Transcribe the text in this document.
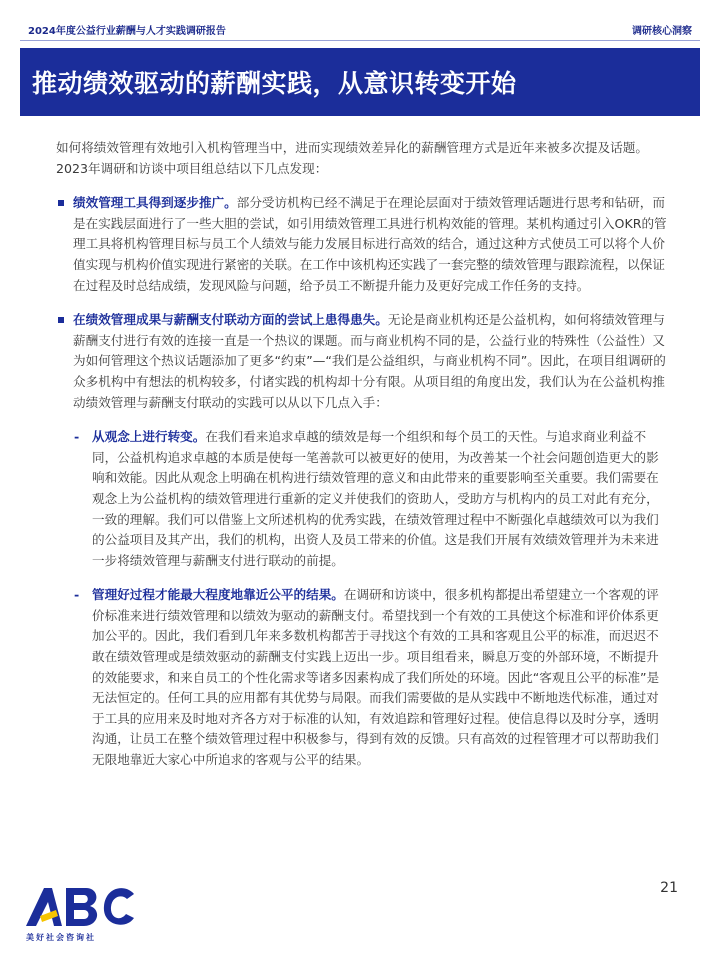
2024年度公益行业薪酬与人才实践调研报告	调研核心洞察
推动绩效驱动的薪酬实践，从意识转变开始

如何将绩效管理有效地引入机构管理当中，进而实现绩效差异化的薪酬管理方式是近年来被多次提及话题。2023年调研和访谈中项目组总结以下几点发现：

绩效管理工具得到逐步推广。部分受访机构已经不满足于在理论层面对于绩效管理话题进行思考和钻研，而是在实践层面进行了一些大胆的尝试，如引用绩效管理工具进行机构效能的管理。某机构通过引入OKR的管理工具将机构管理目标与员工个人绩效与能力发展目标进行高效的结合，通过这种方式使员工可以将个人价值实现与机构价值实现进行紧密的关联。在工作中该机构还实践了一套完整的绩效管理与跟踪流程，以保证在过程及时总结成绩，发现风险与问题，给予员工不断提升能力及更好完成工作任务的支持。
在绩效管理成果与薪酬支付联动方面的尝试上患得患失。无论是商业机构还是公益机构，如何将绩效管理与薪酬支付进行有效的连接一直是一个热议的课题。而与商业机构不同的是，公益行业的特殊性（公益性）又为如何管理这个热议话题添加了更多“约束”—“我们是公益组织，与商业机构不同”。因此，在项目组调研的众多机构中有想法的机构较多，付诸实践的机构却十分有限。从项目组的角度出发，我们认为在公益机构推动绩效管理与薪酬支付联动的实践可以从以下几点入手：
- 从观念上进行转变。在我们看来追求卓越的绩效是每一个组织和每个员工的天性。与追求商业利益不同，公益机构追求卓越的本质是使每一笔善款可以被更好的使用，为改善某一个社会问题创造更大的影响和效能。因此从观念上明确在机构进行绩效管理的意义和由此带来的重要影响至关重要。我们需要在观念上为公益机构的绩效管理进行重新的定义并使我们的资助人，受助方与机构内的员工对此有充分，一致的理解。我们可以借鉴上文所述机构的优秀实践，在绩效管理过程中不断强化卓越绩效可以为我们的公益项目及其产出，我们的机构，出资人及员工带来的价值。这是我们开展有效绩效管理并为未来进一步将绩效管理与薪酬支付进行联动的前提。
- 管理好过程才能最大程度地靠近公平的结果。在调研和访谈中，很多机构都提出希望建立一个客观的评价标准来进行绩效管理和以绩效为驱动的薪酬支付。希望找到一个有效的工具使这个标准和评价体系更加公平的。因此，我们看到几年来多数机构都苦于寻找这个有效的工具和客观且公平的标准，而迟迟不敢在绩效管理或是绩效驱动的薪酬支付实践上迈出一步。项目组看来，瞬息万变的外部环境，不断提升的效能要求，和来自员工的个性化需求等诸多因素构成了我们所处的环境。因此“客观且公平的标准”是无法恒定的。任何工具的应用都有其优势与局限。而我们需要做的是从实践中不断地迭代标准，通过对于工具的应用来及时地对齐各方对于标准的认知，有效追踪和管理好过程。使信息得以及时分享，透明沟通，让员工在整个绩效管理过程中积极参与，得到有效的反馈。只有高效的过程管理才可以帮助我们无限地靠近大家心中所追求的客观与公平的结果。
21
美好社会咨询社
